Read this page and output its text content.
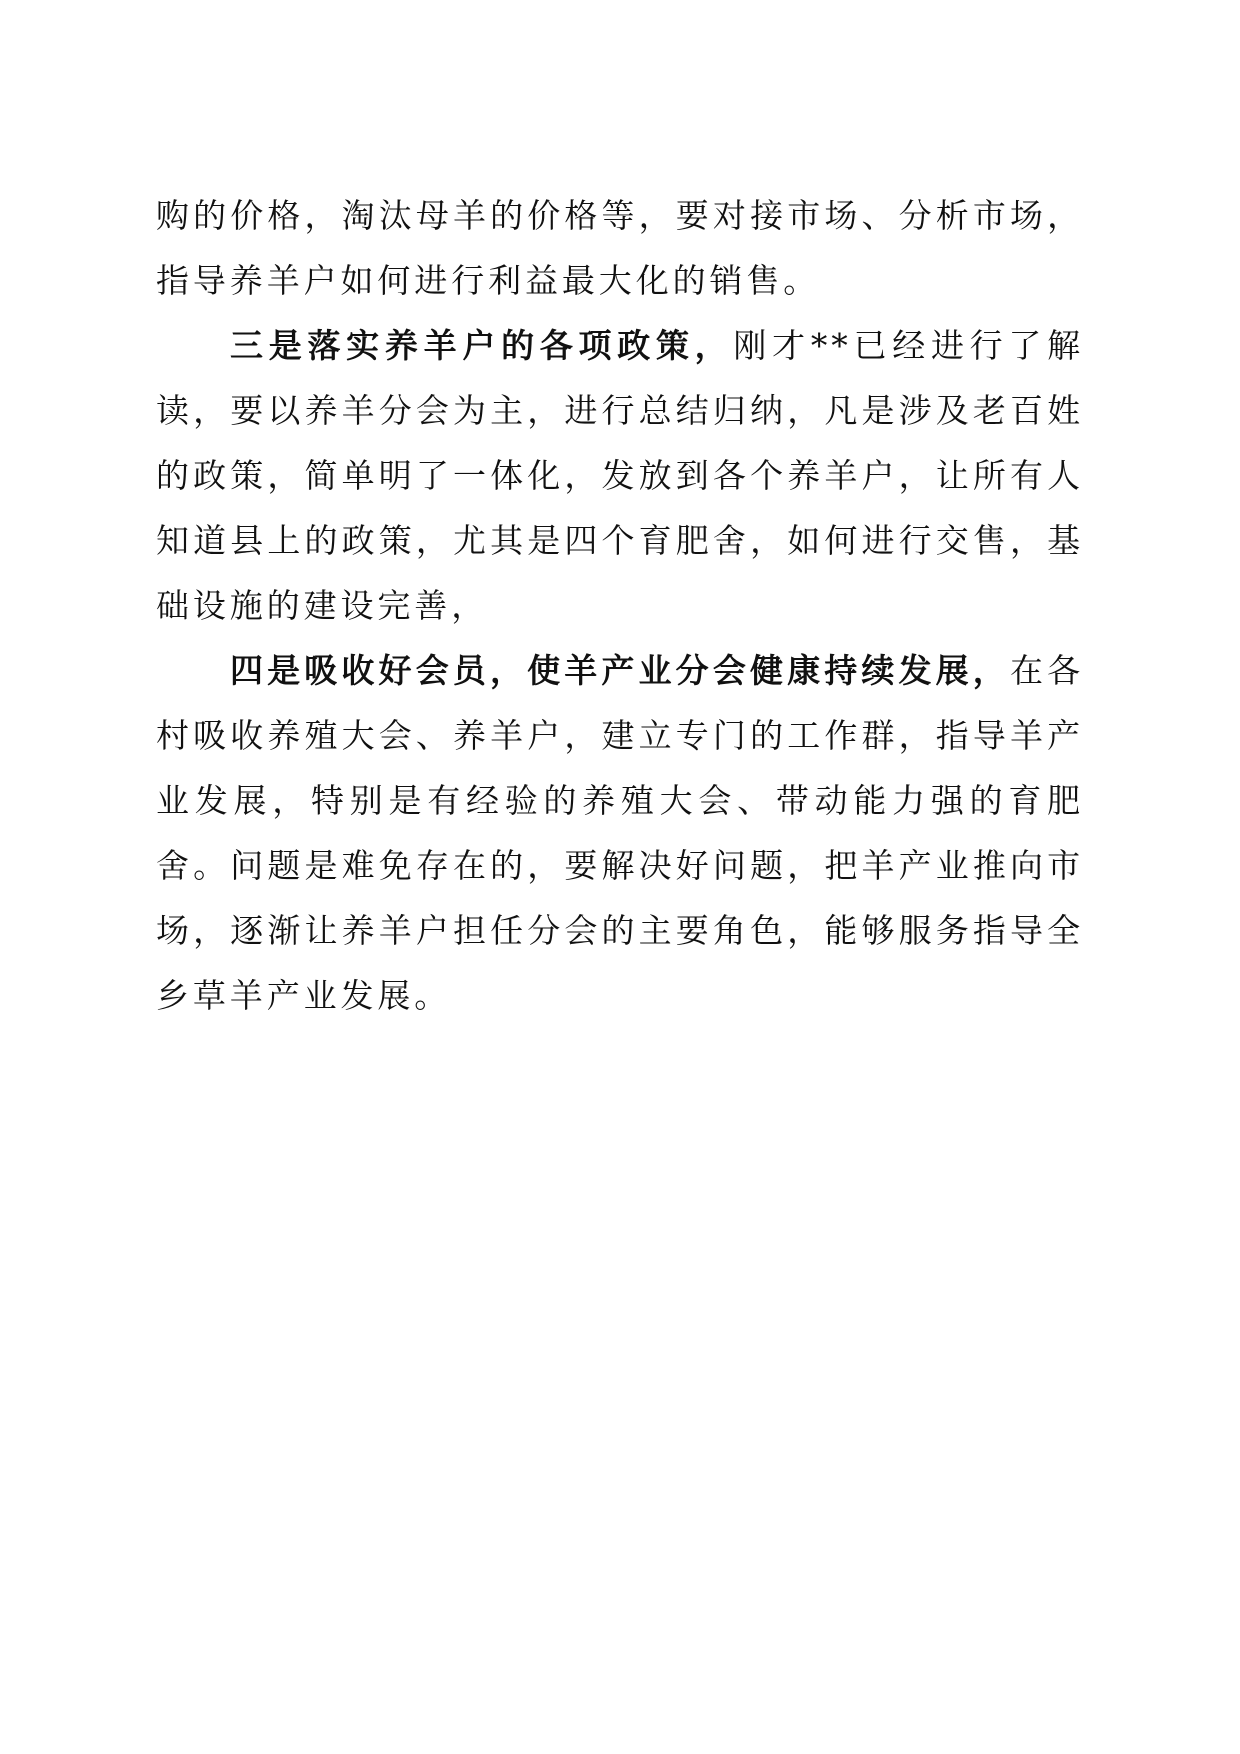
购的价格，淘汰母羊的价格等，要对接市场、分析市场，指导养羊户如何进行利益最大化的销售。

三是落实养羊户的各项政策，刚才**已经进行了解读，要以养羊分会为主，进行总结归纳，凡是涉及老百姓的政策，简单明了一体化，发放到各个养羊户，让所有人知道县上的政策，尤其是四个育肥舍，如何进行交售，基础设施的建设完善，

四是吸收好会员，使羊产业分会健康持续发展，在各村吸收养殖大会、养羊户，建立专门的工作群，指导羊产业发展，特别是有经验的养殖大会、带动能力强的育肥舍。问题是难免存在的，要解决好问题，把羊产业推向市场，逐渐让养羊户担任分会的主要角色，能够服务指导全乡草羊产业发展。
